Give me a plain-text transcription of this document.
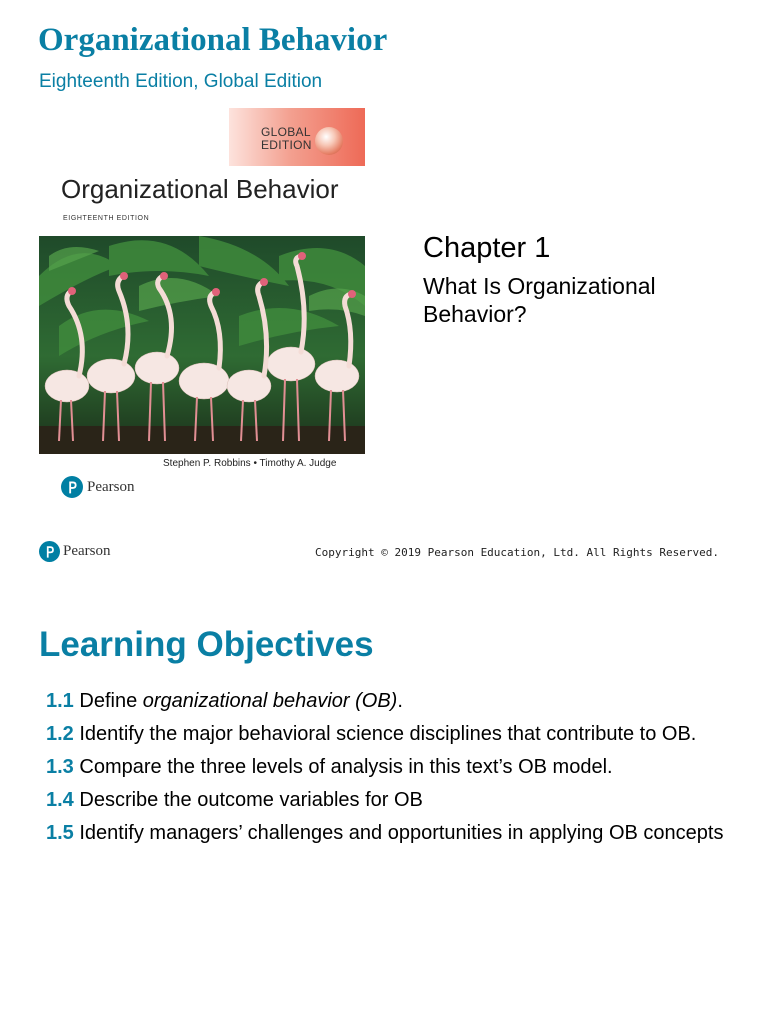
Organizational Behavior
Eighteenth Edition, Global Edition
GLOBAL
EDITION
Organizational Behavior
EIGHTEENTH EDITION
Stephen P. Robbins • Timothy A. Judge
Pearson
Chapter 1
What Is Organizational Behavior?
Pearson	Copyright © 2019 Pearson Education, Ltd. All Rights Reserved.
Learning Objectives
1.1 Define organizational behavior (OB).
1.2 Identify the major behavioral science disciplines that contribute to OB.
1.3 Compare the three levels of analysis in this text’s OB model.
1.4 Describe the outcome variables for OB
1.5 Identify managers’ challenges and opportunities in applying OB concepts
